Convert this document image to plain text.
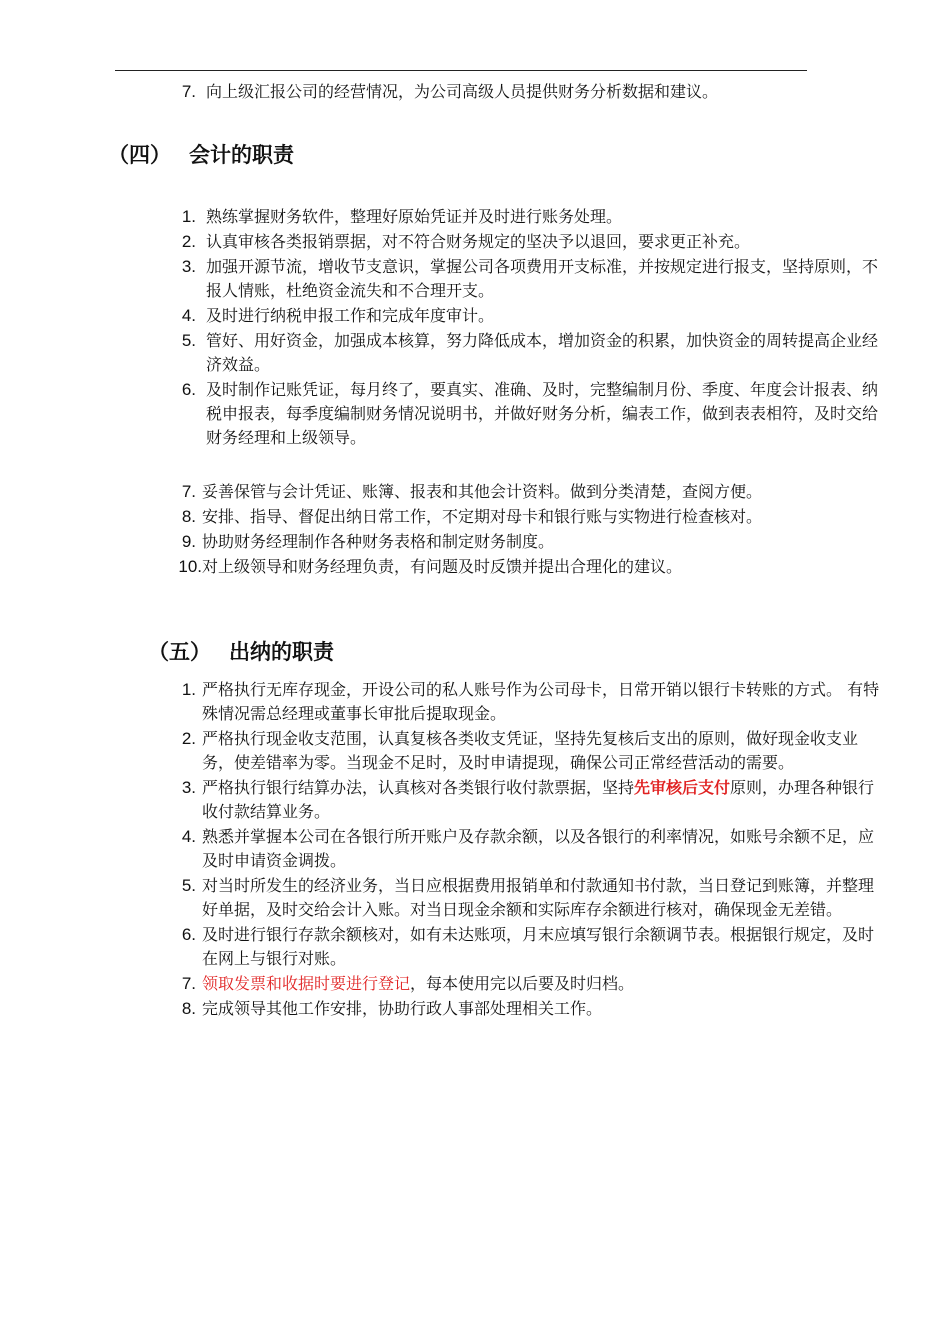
7. 向上级汇报公司的经营情况，为公司高级人员提供财务分析数据和建议。
（四） 会计的职责
1. 熟练掌握财务软件，整理好原始凭证并及时进行账务处理。
2. 认真审核各类报销票据，对不符合财务规定的坚决予以退回，要求更正补充。
3. 加强开源节流，增收节支意识，掌握公司各项费用开支标准，并按规定进行报支，坚持原则，不报人情账，杜绝资金流失和不合理开支。
4. 及时进行纳税申报工作和完成年度审计。
5. 管好、用好资金，加强成本核算，努力降低成本，增加资金的积累，加快资金的周转提高企业经济效益。
6. 及时制作记账凭证，每月终了，要真实、准确、及时，完整编制月份、季度、年度会计报表、纳税申报表，每季度编制财务情况说明书，并做好财务分析，编表工作，做到表表相符，及时交给财务经理和上级领导。
7. 妥善保管与会计凭证、账簿、报表和其他会计资料。做到分类清楚，查阅方便。
8. 安排、指导、督促出纳日常工作，不定期对母卡和银行账与实物进行检查核对。
9. 协助财务经理制作各种财务表格和制定财务制度。
10. 对上级领导和财务经理负责，有问题及时反馈并提出合理化的建议。
（五） 出纳的职责
1. 严格执行无库存现金，开设公司的私人账号作为公司母卡，日常开销以银行卡转账的方式。 有特殊情况需总经理或董事长审批后提取现金。
2. 严格执行现金收支范围，认真复核各类收支凭证，坚持先复核后支出的原则，做好现金收支业务，使差错率为零。当现金不足时，及时申请提现，确保公司正常经营活动的需要。
3. 严格执行银行结算办法，认真核对各类银行收付款票据，坚持先审核后支付原则，办理各种银行收付款结算业务。
4. 熟悉并掌握本公司在各银行所开账户及存款余额，以及各银行的利率情况，如账号余额不足，应及时申请资金调拨。
5. 对当时所发生的经济业务，当日应根据费用报销单和付款通知书付款，当日登记到账簿，并整理好单据，及时交给会计入账。对当日现金余额和实际库存余额进行核对，确保现金无差错。
6. 及时进行银行存款余额核对，如有未达账项，月末应填写银行余额调节表。根据银行规定，及时在网上与银行对账。
7. 领取发票和收据时要进行登记，每本使用完以后要及时归档。
8. 完成领导其他工作安排，协助行政人事部处理相关工作。
